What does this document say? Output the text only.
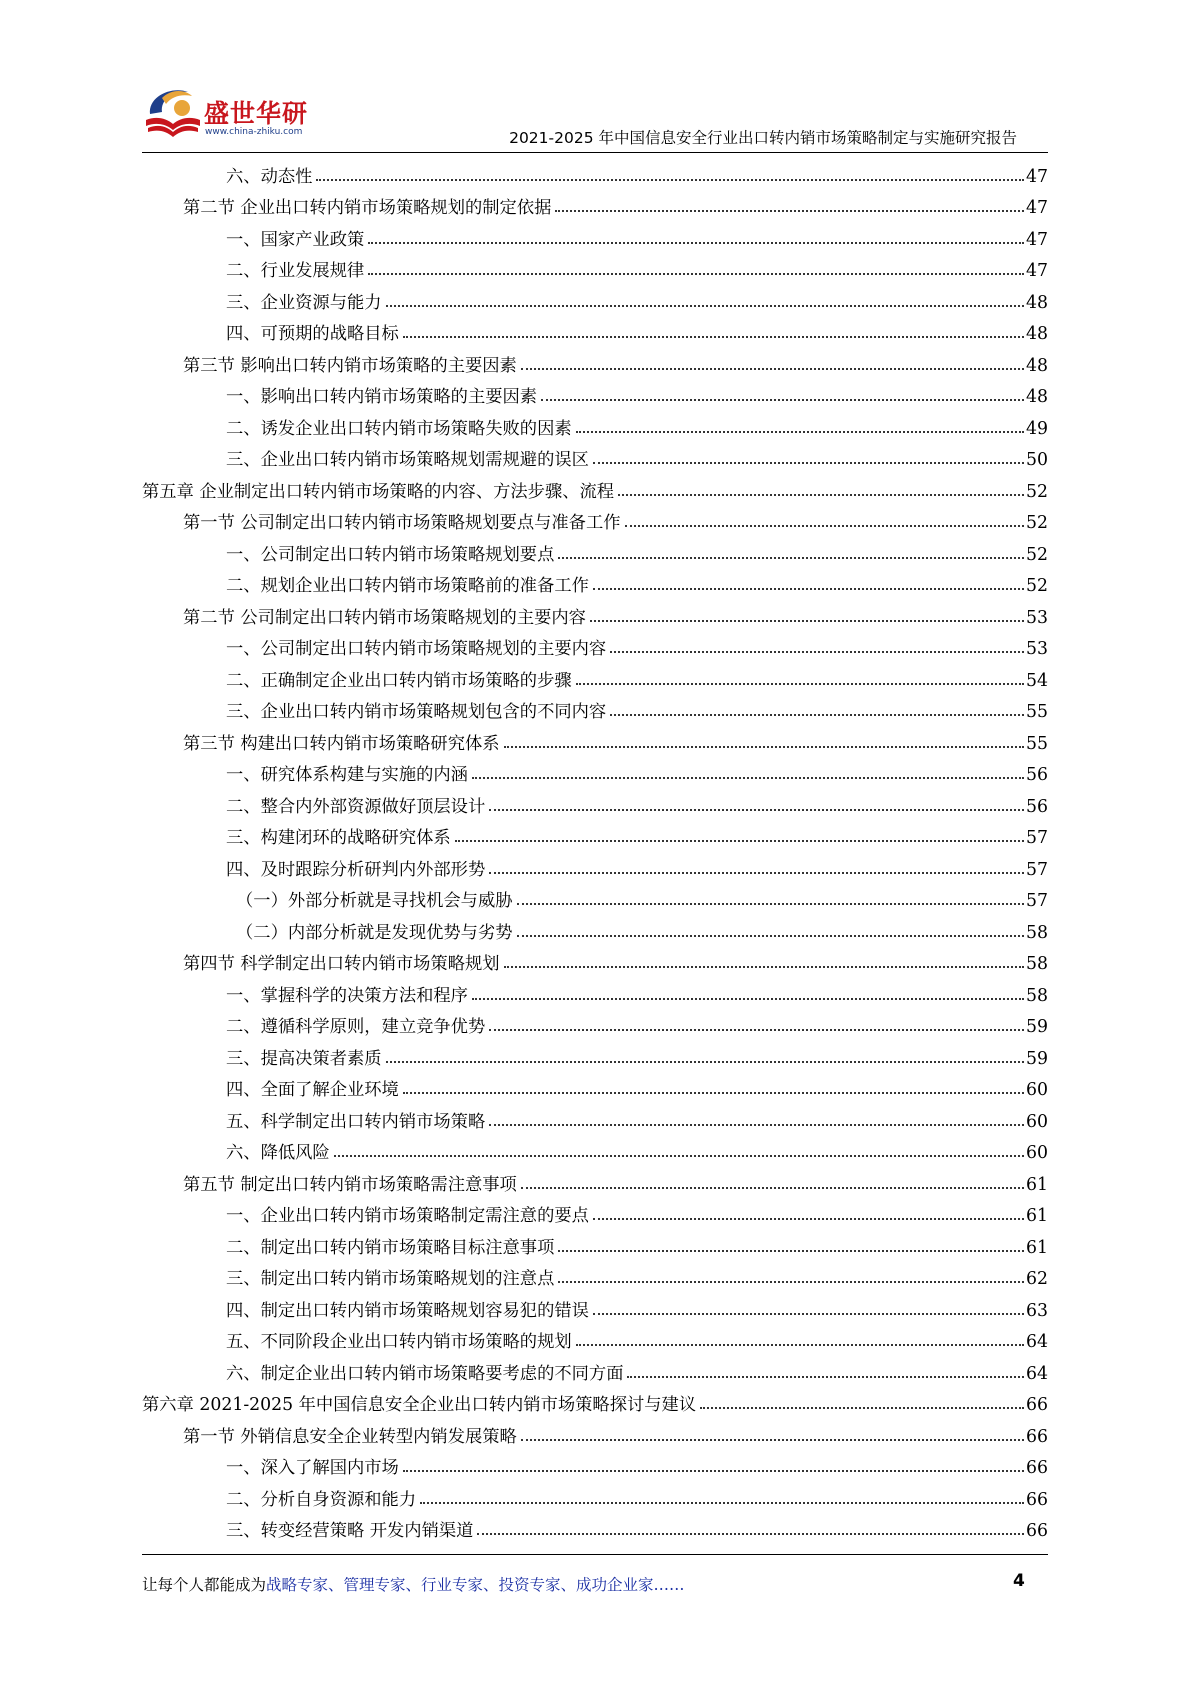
盛世华研
www.china-zhiku.com	2021-2025 年中国信息安全行业出口转内销市场策略制定与实施研究报告
六、动态性	47
第二节 企业出口转内销市场策略规划的制定依据	47
一、国家产业政策	47
二、行业发展规律	47
三、企业资源与能力	48
四、可预期的战略目标	48
第三节 影响出口转内销市场策略的主要因素	48
一、影响出口转内销市场策略的主要因素	48
二、诱发企业出口转内销市场策略失败的因素	49
三、企业出口转内销市场策略规划需规避的误区	50
第五章 企业制定出口转内销市场策略的内容、方法步骤、流程	52
第一节 公司制定出口转内销市场策略规划要点与准备工作	52
一、公司制定出口转内销市场策略规划要点	52
二、规划企业出口转内销市场策略前的准备工作	52
第二节 公司制定出口转内销市场策略规划的主要内容	53
一、公司制定出口转内销市场策略规划的主要内容	53
二、正确制定企业出口转内销市场策略的步骤	54
三、企业出口转内销市场策略规划包含的不同内容	55
第三节 构建出口转内销市场策略研究体系	55
一、研究体系构建与实施的内涵	56
二、整合内外部资源做好顶层设计	56
三、构建闭环的战略研究体系	57
四、及时跟踪分析研判内外部形势	57
（一）外部分析就是寻找机会与威胁	57
（二）内部分析就是发现优势与劣势	58
第四节 科学制定出口转内销市场策略规划	58
一、掌握科学的决策方法和程序	58
二、遵循科学原则，建立竞争优势	59
三、提高决策者素质	59
四、全面了解企业环境	60
五、科学制定出口转内销市场策略	60
六、降低风险	60
第五节 制定出口转内销市场策略需注意事项	61
一、企业出口转内销市场策略制定需注意的要点	61
二、制定出口转内销市场策略目标注意事项	61
三、制定出口转内销市场策略规划的注意点	62
四、制定出口转内销市场策略规划容易犯的错误	63
五、不同阶段企业出口转内销市场策略的规划	64
六、制定企业出口转内销市场策略要考虑的不同方面	64
第六章 2021-2025 年中国信息安全企业出口转内销市场策略探讨与建议	66
第一节 外销信息安全企业转型内销发展策略	66
一、深入了解国内市场	66
二、分析自身资源和能力	66
三、转变经营策略 开发内销渠道	66
让每个人都能成为战略专家、管理专家、行业专家、投资专家、成功企业家……	4
